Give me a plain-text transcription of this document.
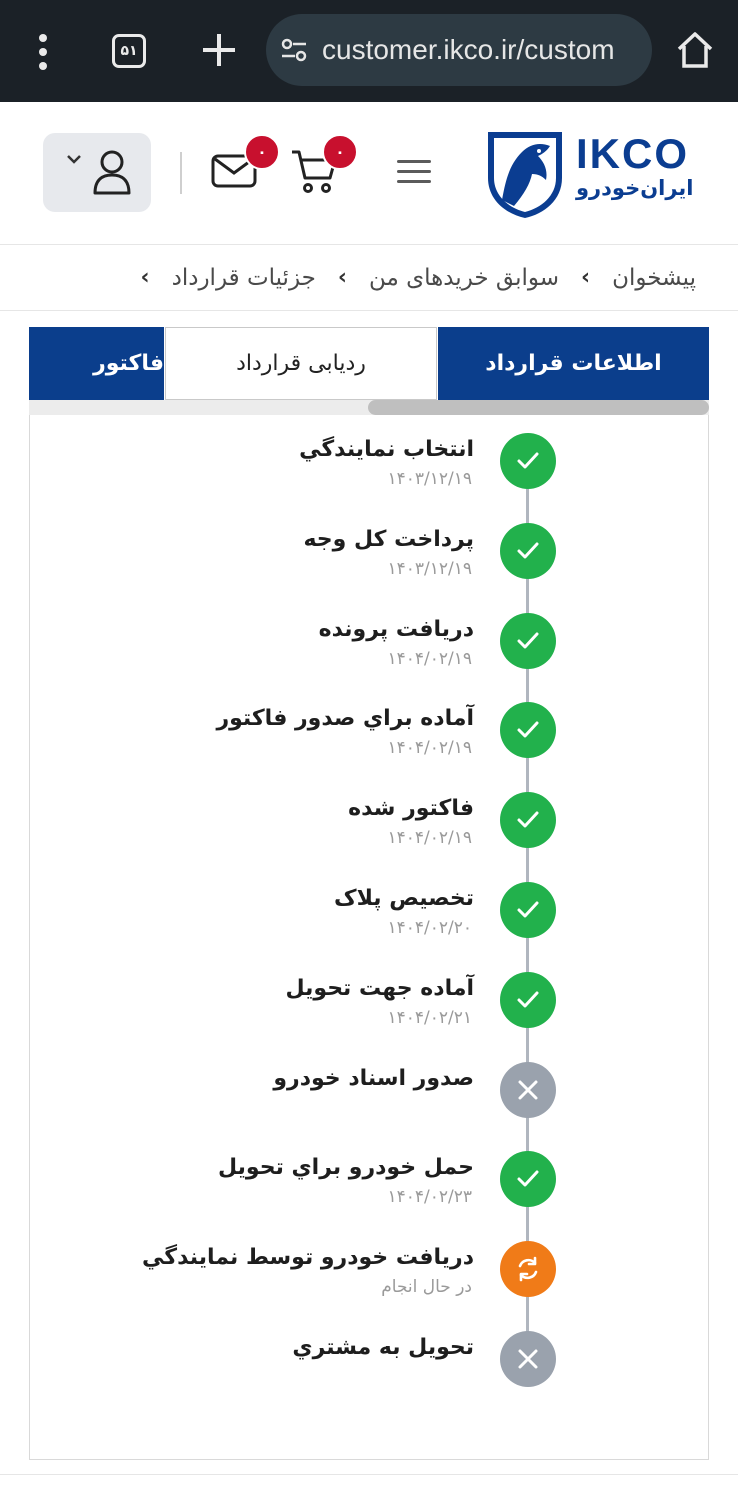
۵۱	customer.ikco.ir/custom
۰	۰	IKCO
ایران‌خودرو
پیشخوان
›
سوابق خریدهای من
›
جزئیات قرارداد
›
اطلاعات قرارداد
ردیابی قرارداد
فاکتور
انتخاب نمايندگي
۱۴۰۳/۱۲/۱۹
پرداخت کل وجه
۱۴۰۳/۱۲/۱۹
دریافت پرونده
۱۴۰۴/۰۲/۱۹
آماده براي صدور فاکتور
۱۴۰۴/۰۲/۱۹
فاکتور شده
۱۴۰۴/۰۲/۱۹
تخصيص پلاک
۱۴۰۴/۰۲/۲۰
آماده جهت تحويل
۱۴۰۴/۰۲/۲۱
صدور اسناد خودرو
حمل خودرو براي تحويل
۱۴۰۴/۰۲/۲۳
دريافت خودرو توسط نمايندگي
در حال انجام
تحويل به مشتري
